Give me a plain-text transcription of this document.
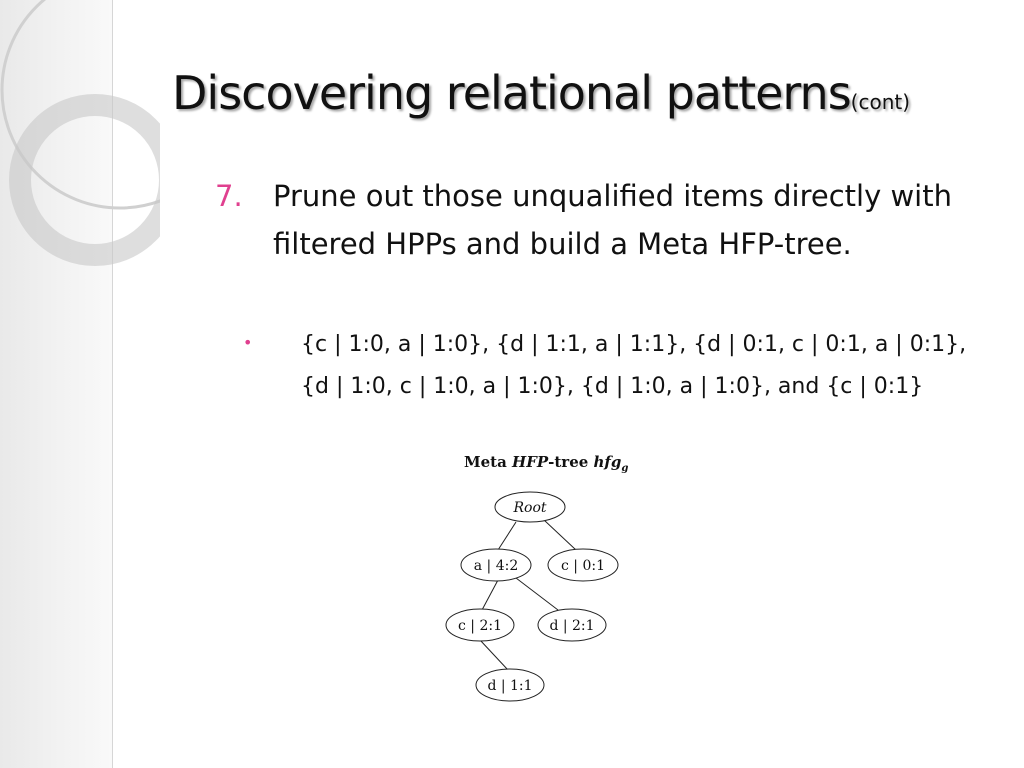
Discovering relational patterns(cont)
7. Prune out those unqualified items directly with filtered HPPs and build a Meta HFP-tree.
• {c | 1:0, a | 1:0}, {d | 1:1, a | 1:1}, {d | 0:1, c | 0:1, a | 0:1}, {d | 1:0, c | 1:0, a | 1:0}, {d | 1:0, a | 1:0}, and {c | 0:1}
Meta HFP-tree hfg$_g$
Root
a | 4:2	c | 0:1
c | 2:1	d | 2:1
d | 1:1
